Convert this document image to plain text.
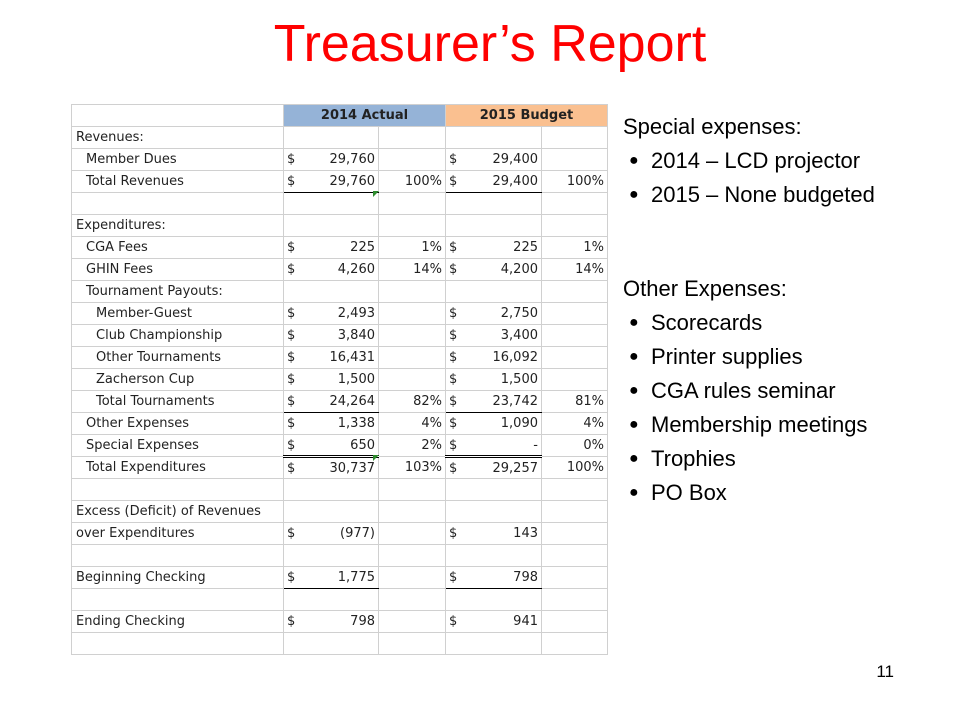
Treasurer’s Report
	2014 Actual		2015 Budget	
Revenues:				
Member Dues	$ 29,760		$ 29,400	

Total Revenues	$ 29,760	100%	$ 29,400	100%

Expenditures:				
CGA Fees	$ 225	1%	$ 225	1%
GHIN Fees	$ 4,260	14%	$ 4,200	14%
Tournament Payouts:				
Member-Guest	$ 2,493		$ 2,750	

Club Championship	$ 3,840		$ 3,400	

Other Tournaments	$ 16,431		$ 16,092	

Zacherson Cup	$ 1,500		$ 1,500	

Total Tournaments	$ 24,264	82%	$ 23,742	81%
Other Expenses	$ 1,338	4%	$ 1,090	4%
Special Expenses	$ 650	2%	$ -	0%
Total Expenditures	$ 30,737	103%	$ 29,257	100%

Excess (Deficit) of Revenues				
over Expenditures	$ (977)		$ 143	

Beginning Checking	$ 1,775		$ 798	

Ending Checking	$ 798		$ 941	

Special expenses:
● 2014 – LCD projector
● 2015 – None budgeted
Other Expenses:
● Scorecards
● Printer supplies
● CGA rules seminar
● Membership meetings
● Trophies
● PO Box
11
